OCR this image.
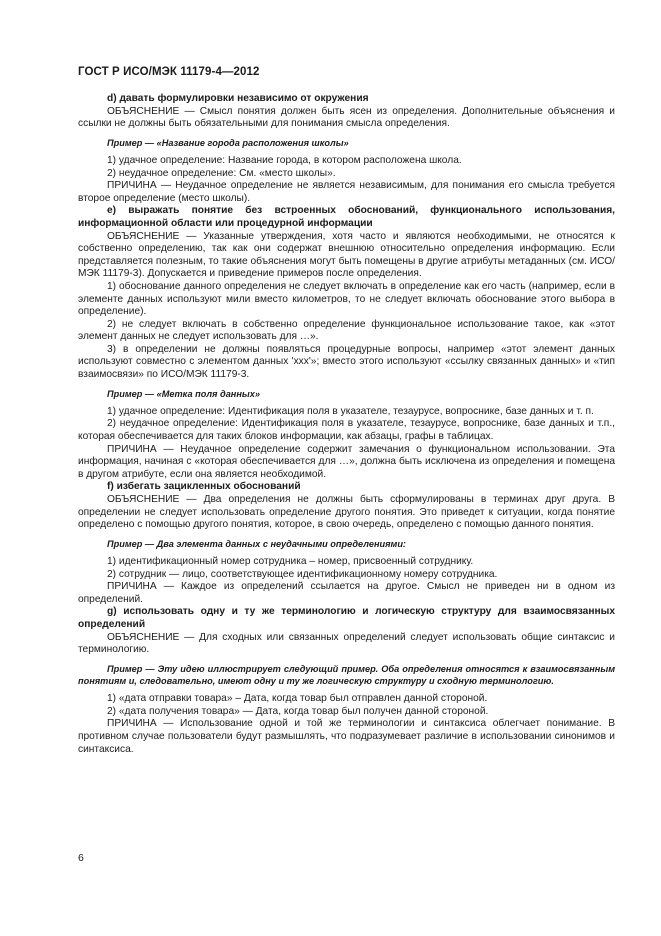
ГОСТ Р ИСО/МЭК 11179-4—2012

d) давать формулировки независимо от окружения

ОБЪЯСНЕНИЕ — Смысл понятия должен быть ясен из определения. Дополнительные объяснения и ссылки не должны быть обязательными для понимания смысла определения.

Пример — «Название города расположения школы»

1) удачное определение: Название города, в котором расположена школа.

2) неудачное определение: См. «место школы».

ПРИЧИНА — Неудачное определение не является независимым, для понимания его смысла требуется второе определение (место школы).

е) выражать понятие без встроенных обоснований, функционального использования, информационной области или процедурной информации

ОБЪЯСНЕНИЕ — Указанные утверждения, хотя часто и являются необходимыми, не относятся к собственно определению, так как они содержат внешнюю относительно определения информацию. Если представляется полезным, то такие объяснения могут быть помещены в другие атрибуты метаданных (см. ИСО/МЭК 11179-3). Допускается и приведение примеров после определения.

1) обоснование данного определения не следует включать в определение как его часть (например, если в элементе данных используют мили вместо километров, то не следует включать обоснование этого выбора в определение).

2) не следует включать в собственно определение функциональное использование такое, как «этот элемент данных не следует использовать для …».

3) в определении не должны появляться процедурные вопросы, например «этот элемент данных используют совместно с элементом данных 'ххх'»; вместо этого используют «ссылку связанных данных» и «тип взаимосвязи» по ИСО/МЭК 11179-3.

Пример — «Метка поля данных»

1) удачное определение: Идентификация поля в указателе, тезаурусе, вопроснике, базе данных и т. п.

2) неудачное определение: Идентификация поля в указателе, тезаурусе, вопроснике, базе данных и т.п., которая обеспечивается для таких блоков информации, как абзацы, графы в таблицах.

ПРИЧИНА — Неудачное определение содержит замечания о функциональном использовании. Эта информация, начиная с «которая обеспечивается для …», должна быть исключена из определения и помещена в другом атрибуте, если она является необходимой.

f) избегать зацикленных обоснований

ОБЪЯСНЕНИЕ — Два определения не должны быть сформулированы в терминах друг друга. В определении не следует использовать определение другого понятия. Это приведет к ситуации, когда понятие определено с помощью другого понятия, которое, в свою очередь, определено с помощью данного понятия.

Пример — Два элемента данных с неудачными определениями:

1) идентификационный номер сотрудника – номер, присвоенный сотруднику.

2) сотрудник — лицо, соответствующее идентификационному номеру сотрудника.

ПРИЧИНА — Каждое из определений ссылается на другое. Смысл не приведен ни в одном из определений.

g) использовать одну и ту же терминологию и логическую структуру для взаимосвязанных определений

ОБЪЯСНЕНИЕ — Для сходных или связанных определений следует использовать общие синтаксис и терминологию.

Пример — Эту идею иллюстрирует следующий пример. Оба определения относятся к взаимосвязанным понятиям и, следовательно, имеют одну и ту же логическую структуру и сходную терминологию.

1) «дата отправки товара» – Дата, когда товар был отправлен данной стороной.

2) «дата получения товара» — Дата, когда товар был получен данной стороной.

ПРИЧИНА — Использование одной и той же терминологии и синтаксиса облегчает понимание. В противном случае пользователи будут размышлять, что подразумевает различие в использовании синонимов и синтаксиса.

6
